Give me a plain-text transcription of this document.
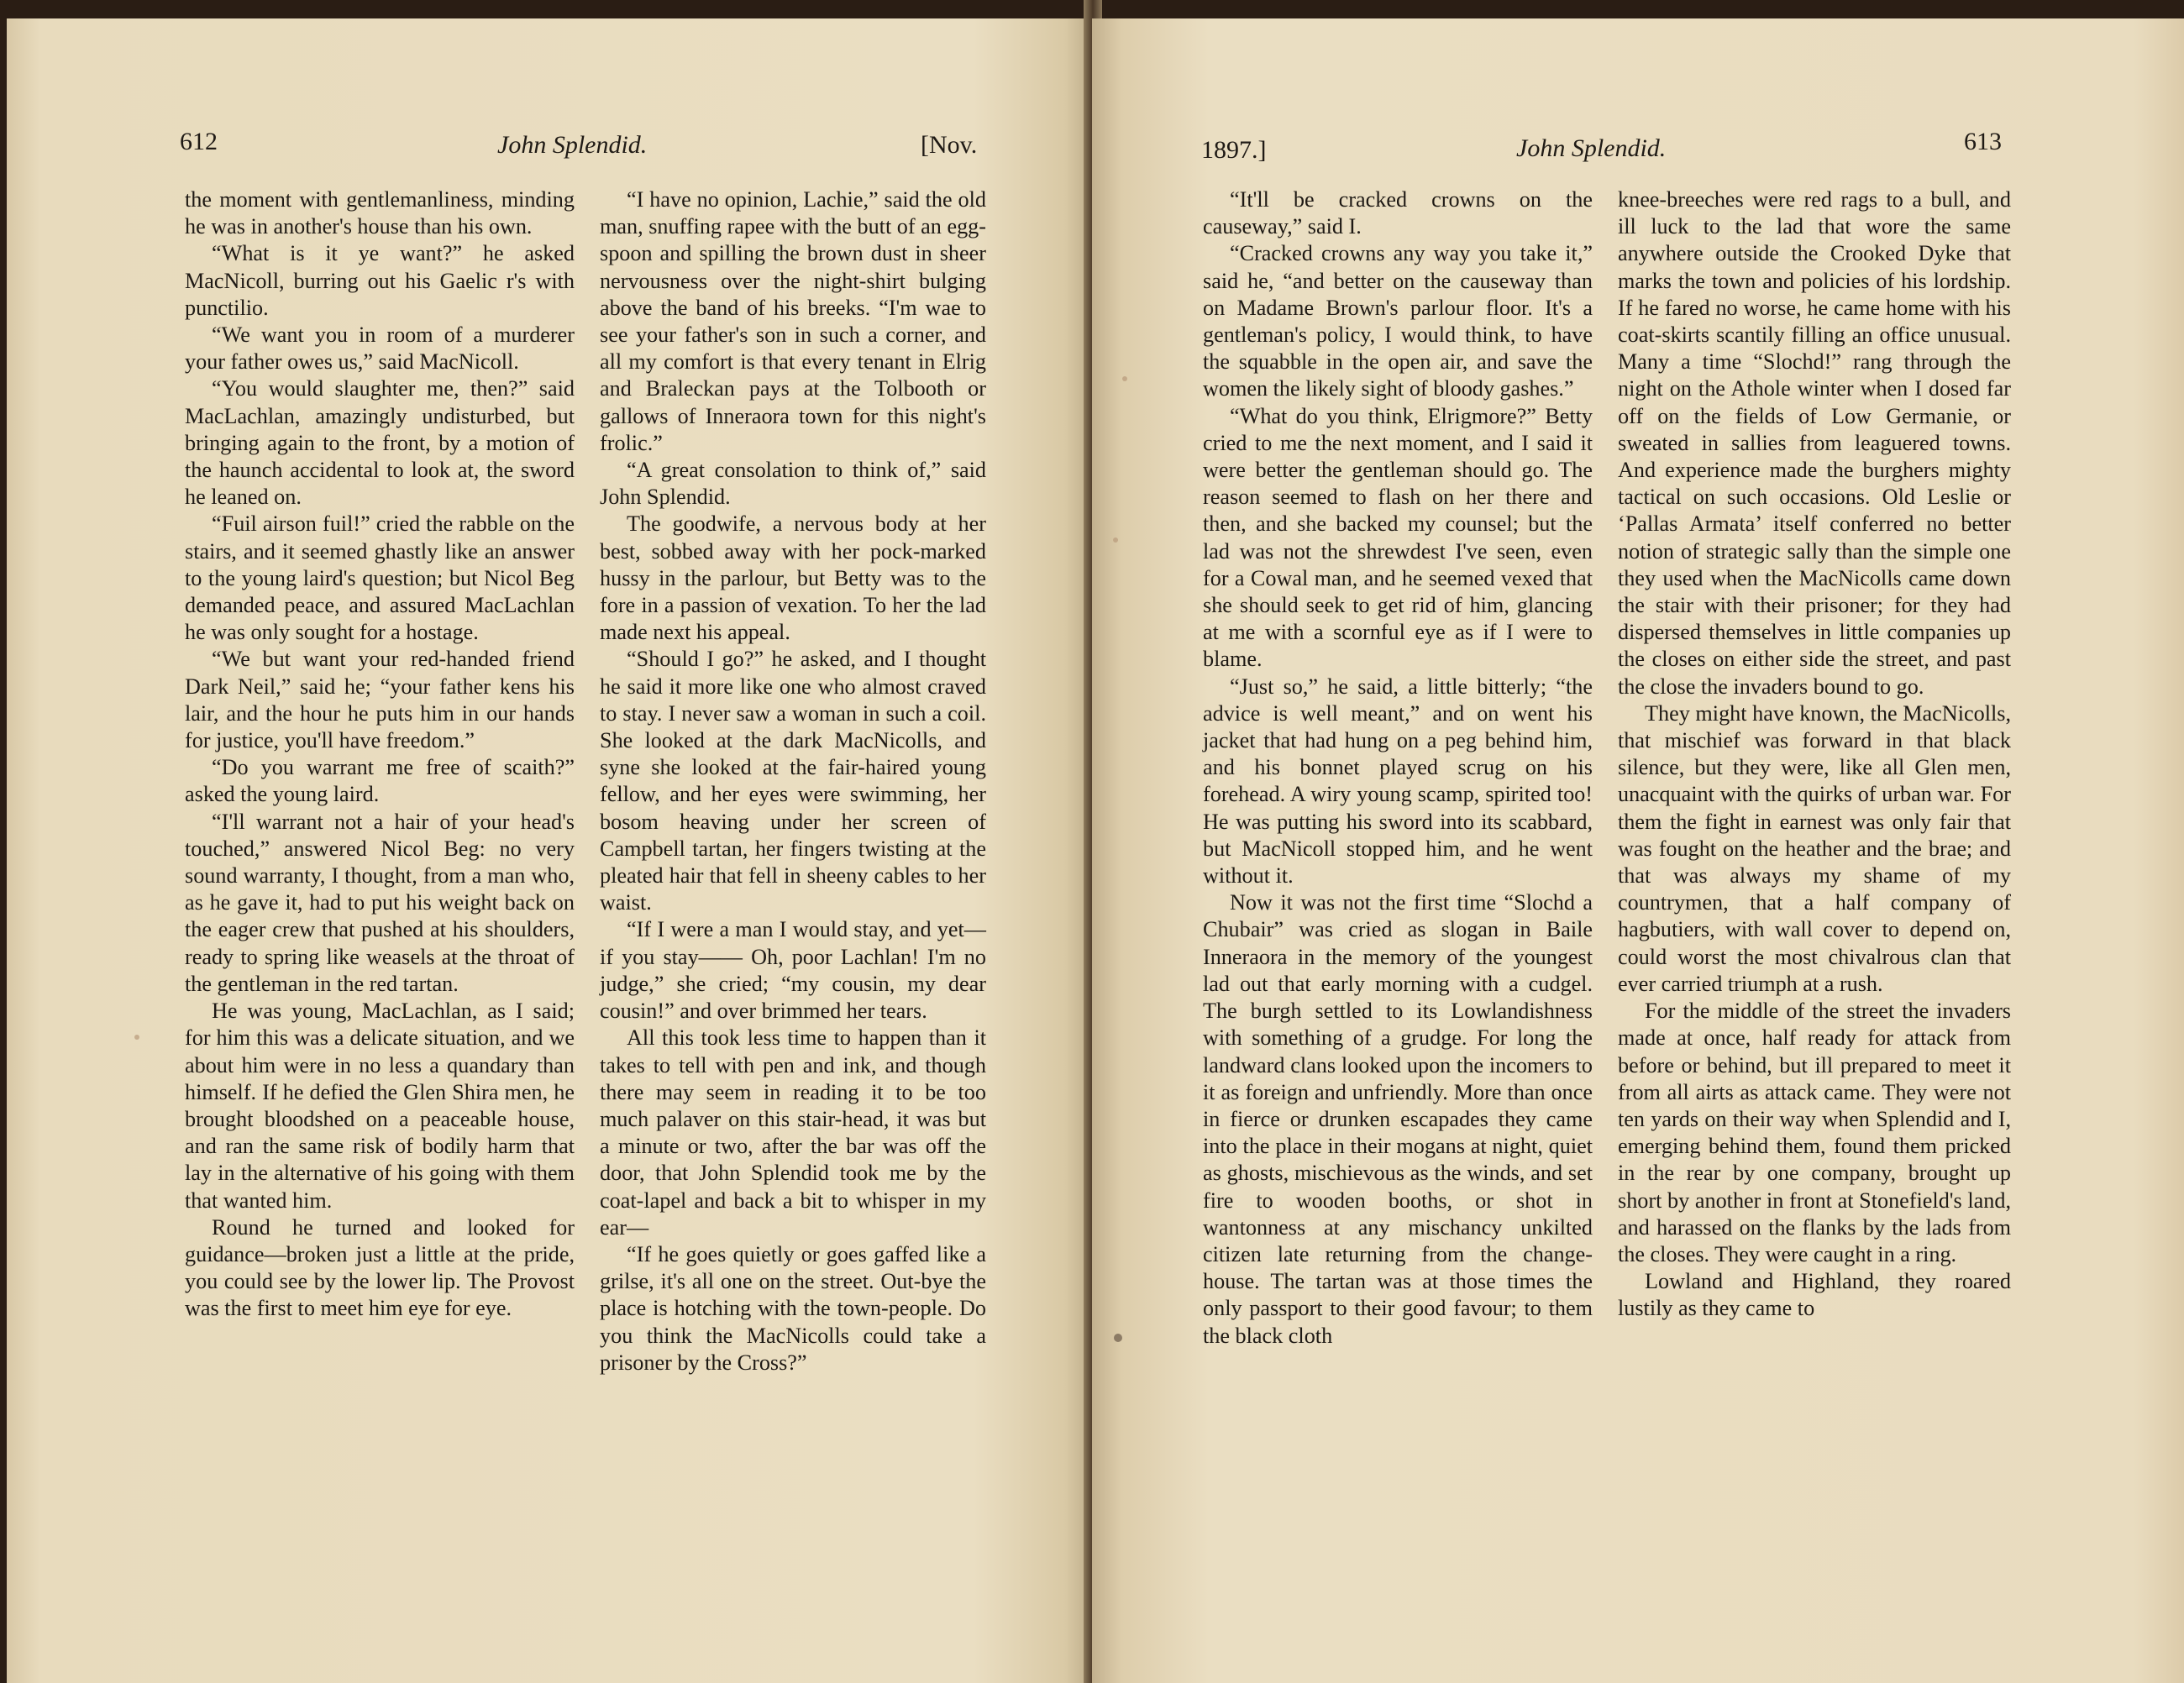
612	John Splendid.	[Nov.

the moment with gentlemanliness, minding he was in another's house than his own.

“What is it ye want?” he asked MacNicoll, burring out his Gaelic r's with punctilio.

“We want you in room of a murderer your father owes us,” said MacNicoll.

“You would slaughter me, then?” said MacLachlan, amazingly undisturbed, but bringing again to the front, by a motion of the haunch accidental to look at, the sword he leaned on.

“Fuil airson fuil!” cried the rabble on the stairs, and it seemed ghastly like an answer to the young laird's question; but Nicol Beg demanded peace, and assured MacLachlan he was only sought for a hostage.

“We but want your red-handed friend Dark Neil,” said he; “your father kens his lair, and the hour he puts him in our hands for justice, you'll have freedom.”

“Do you warrant me free of scaith?” asked the young laird.

“I'll warrant not a hair of your head's touched,” answered Nicol Beg: no very sound warranty, I thought, from a man who, as he gave it, had to put his weight back on the eager crew that pushed at his shoulders, ready to spring like weasels at the throat of the gentleman in the red tartan.

He was young, MacLachlan, as I said; for him this was a delicate situation, and we about him were in no less a quandary than himself. If he defied the Glen Shira men, he brought bloodshed on a peaceable house, and ran the same risk of bodily harm that lay in the alternative of his going with them that wanted him.

Round he turned and looked for guidance—broken just a little at the pride, you could see by the lower lip. The Provost was the first to meet him eye for eye.

“I have no opinion, Lachie,” said the old man, snuffing rapee with the butt of an egg-spoon and spilling the brown dust in sheer nervousness over the night-shirt bulging above the band of his breeks. “I'm wae to see your father's son in such a corner, and all my comfort is that every tenant in Elrig and Braleckan pays at the Tolbooth or gallows of Inneraora town for this night's frolic.”

“A great consolation to think of,” said John Splendid.

The goodwife, a nervous body at her best, sobbed away with her pock-marked hussy in the parlour, but Betty was to the fore in a passion of vexation. To her the lad made next his appeal.

“Should I go?” he asked, and I thought he said it more like one who almost craved to stay. I never saw a woman in such a coil. She looked at the dark MacNicolls, and syne she looked at the fair-haired young fellow, and her eyes were swimming, her bosom heaving under her screen of Campbell tartan, her fingers twisting at the pleated hair that fell in sheeny cables to her waist.

“If I were a man I would stay, and yet—if you stay—— Oh, poor Lachlan! I'm no judge,” she cried; “my cousin, my dear cousin!” and over brimmed her tears.

All this took less time to happen than it takes to tell with pen and ink, and though there may seem in reading it to be too much palaver on this stair-head, it was but a minute or two, after the bar was off the door, that John Splendid took me by the coat-lapel and back a bit to whisper in my ear—

“If he goes quietly or goes gaffed like a grilse, it's all one on the street. Out-bye the place is hotching with the town-people. Do you think the MacNicolls could take a prisoner by the Cross?”

1897.]	John Splendid.	613

“It'll be cracked crowns on the causeway,” said I.

“Cracked crowns any way you take it,” said he, “and better on the causeway than on Madame Brown's parlour floor. It's a gentleman's policy, I would think, to have the squabble in the open air, and save the women the likely sight of bloody gashes.”

“What do you think, Elrigmore?” Betty cried to me the next moment, and I said it were better the gentleman should go. The reason seemed to flash on her there and then, and she backed my counsel; but the lad was not the shrewdest I've seen, even for a Cowal man, and he seemed vexed that she should seek to get rid of him, glancing at me with a scornful eye as if I were to blame.

“Just so,” he said, a little bitterly; “the advice is well meant,” and on went his jacket that had hung on a peg behind him, and his bonnet played scrug on his forehead. A wiry young scamp, spirited too! He was putting his sword into its scabbard, but MacNicoll stopped him, and he went without it.

Now it was not the first time “Slochd a Chubair” was cried as slogan in Baile Inneraora in the memory of the youngest lad out that early morning with a cudgel. The burgh settled to its Lowlandishness with something of a grudge. For long the landward clans looked upon the incomers to it as foreign and unfriendly. More than once in fierce or drunken escapades they came into the place in their mogans at night, quiet as ghosts, mischievous as the winds, and set fire to wooden booths, or shot in wantonness at any mischancy unkilted citizen late returning from the change-house. The tartan was at those times the only passport to their good favour; to them the black cloth

knee-breeches were red rags to a bull, and ill luck to the lad that wore the same anywhere outside the Crooked Dyke that marks the town and policies of his lordship. If he fared no worse, he came home with his coat-skirts scantily filling an office unusual. Many a time “Slochd!” rang through the night on the Athole winter when I dosed far off on the fields of Low Germanie, or sweated in sallies from leaguered towns. And experience made the burghers mighty tactical on such occasions. Old Leslie or ‘Pallas Armata’ itself conferred no better notion of strategic sally than the simple one they used when the MacNicolls came down the stair with their prisoner; for they had dispersed themselves in little companies up the closes on either side the street, and past the close the invaders bound to go.

They might have known, the MacNicolls, that mischief was forward in that black silence, but they were, like all Glen men, unacquaint with the quirks of urban war. For them the fight in earnest was only fair that was fought on the heather and the brae; and that was always my shame of my countrymen, that a half company of hagbutiers, with wall cover to depend on, could worst the most chivalrous clan that ever carried triumph at a rush.

For the middle of the street the invaders made at once, half ready for attack from before or behind, but ill prepared to meet it from all airts as attack came. They were not ten yards on their way when Splendid and I, emerging behind them, found them pricked in the rear by one company, brought up short by another in front at Stonefield's land, and harassed on the flanks by the lads from the closes. They were caught in a ring.

Lowland and Highland, they roared lustily as they came to
